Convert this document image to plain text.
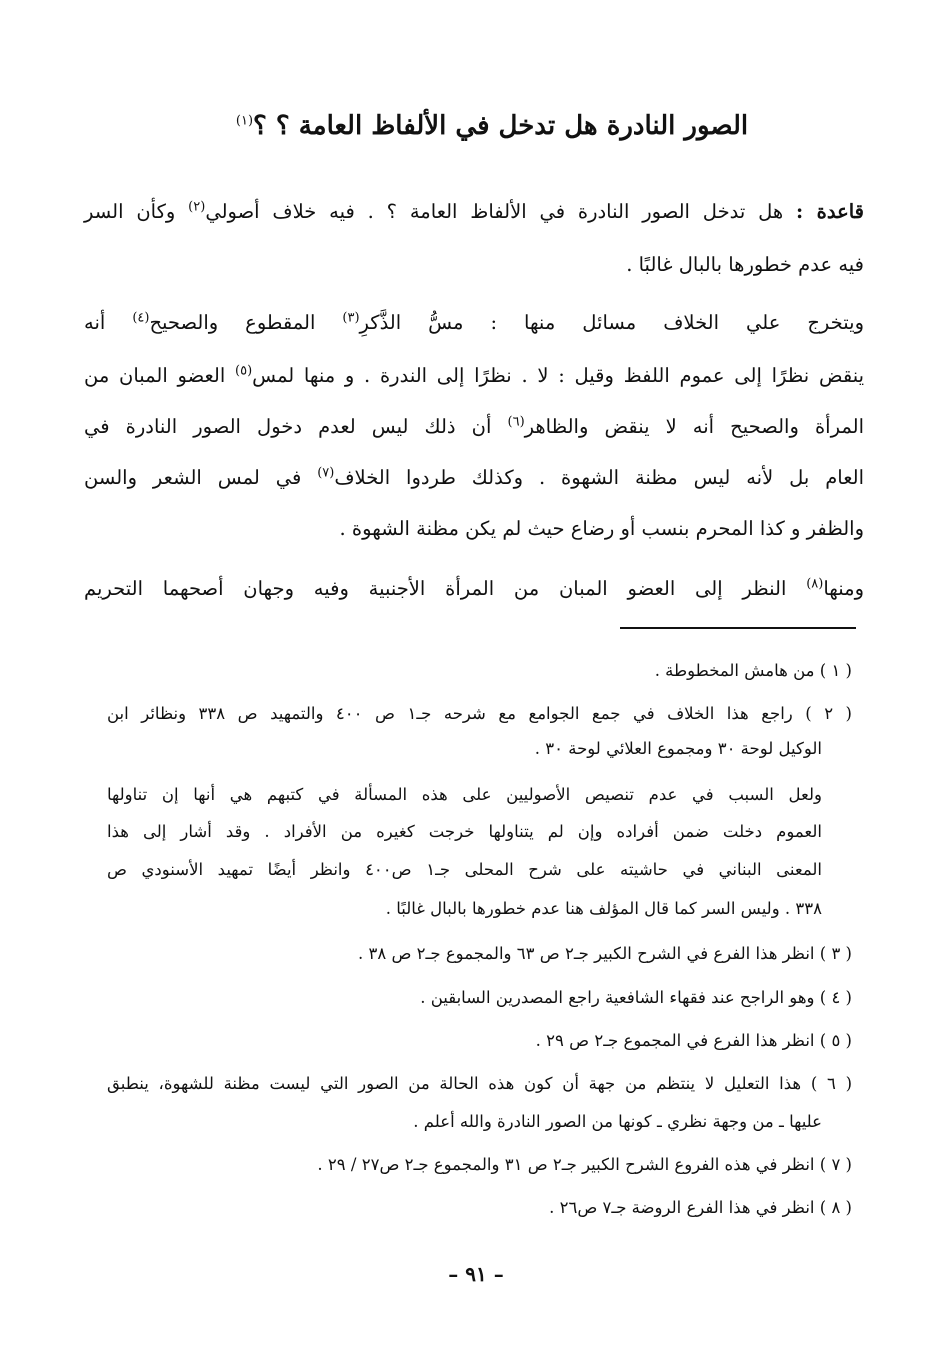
الصور النادرة هل تدخل في الألفاظ العامة ؟ ؟$^{(١)}$
قاعدة : هل تدخل الصور النادرة في الألفاظ العامة ؟ . فيه خلاف أصولي$^{(٢)}$ وكأن السر
فيه عدم خطورها بالبال غالبًا .
ويتخرج علي الخلاف مسائل منها : مسُّ الذَّكرِ$^{(٣)}$ المقطوع والصحيح$^{(٤)}$ أنه
ينقض نظرًا إلى عموم اللفظ وقيل : لا . نظرًا إلى الندرة . و منها لمس$^{(٥)}$ العضو المبان من
المرأة والصحيح أنه لا ينقض والظاهر$^{(٦)}$ أن ذلك ليس لعدم دخول الصور النادرة في
العام بل لأنه ليس مظنة الشهوة . وكذلك طردوا الخلاف$^{(٧)}$ في لمس الشعر والسن
والظفر و كذا المحرم بنسب أو رضاع حيث لم يكن مظنة الشهوة .
ومنها$^{(٨)}$ النظر إلى العضو المبان من المرأة الأجنبية وفيه وجهان أصحهما التحريم
( ١ ) من هامش المخطوطة .
( ٢ ) راجع هذا الخلاف في جمع الجوامع مع شرحه جـ١ ص ٤٠٠ والتمهيد ص ٣٣٨ ونظائر ابن
الوكيل لوحة ٣٠ ومجموع العلائي لوحة ٣٠ .
ولعل السبب في عدم تنصيص الأصوليين على هذه المسألة في كتبهم هي أنها إن تناولها
العموم دخلت ضمن أفراده وإن لم يتناولها خرجت كغيره من الأفراد . وقد أشار إلى هذا
المعنى البناني في حاشيته على شرح المحلى جـ١ ص٤٠٠ وانظر أيضًا تمهيد الأسنودي ص
٣٣٨ . وليس السر كما قال المؤلف هنا عدم خطورها بالبال غالبًا .
( ٣ ) انظر هذا الفرع في الشرح الكبير جـ٢ ص ٦٣ والمجموع جـ٢ ص ٣٨ .
( ٤ ) وهو الراجح عند فقهاء الشافعية راجع المصدرين السابقين .
( ٥ ) انظر هذا الفرع في المجموع جـ٢ ص ٢٩ .
( ٦ ) هذا التعليل لا ينتظم من جهة أن كون هذه الحالة من الصور التي ليست مظنة للشهوة، ينطبق
عليها ـ من وجهة نظري ـ كونها من الصور النادرة والله أعلم .
( ٧ ) انظر في هذه الفروع الشرح الكبير جـ٢ ص ٣١ والمجموع جـ٢ ص٢٧ / ٢٩ .
( ٨ ) انظر في هذا الفرع الروضة جـ٧ ص٢٦ .
– ٩١ –
